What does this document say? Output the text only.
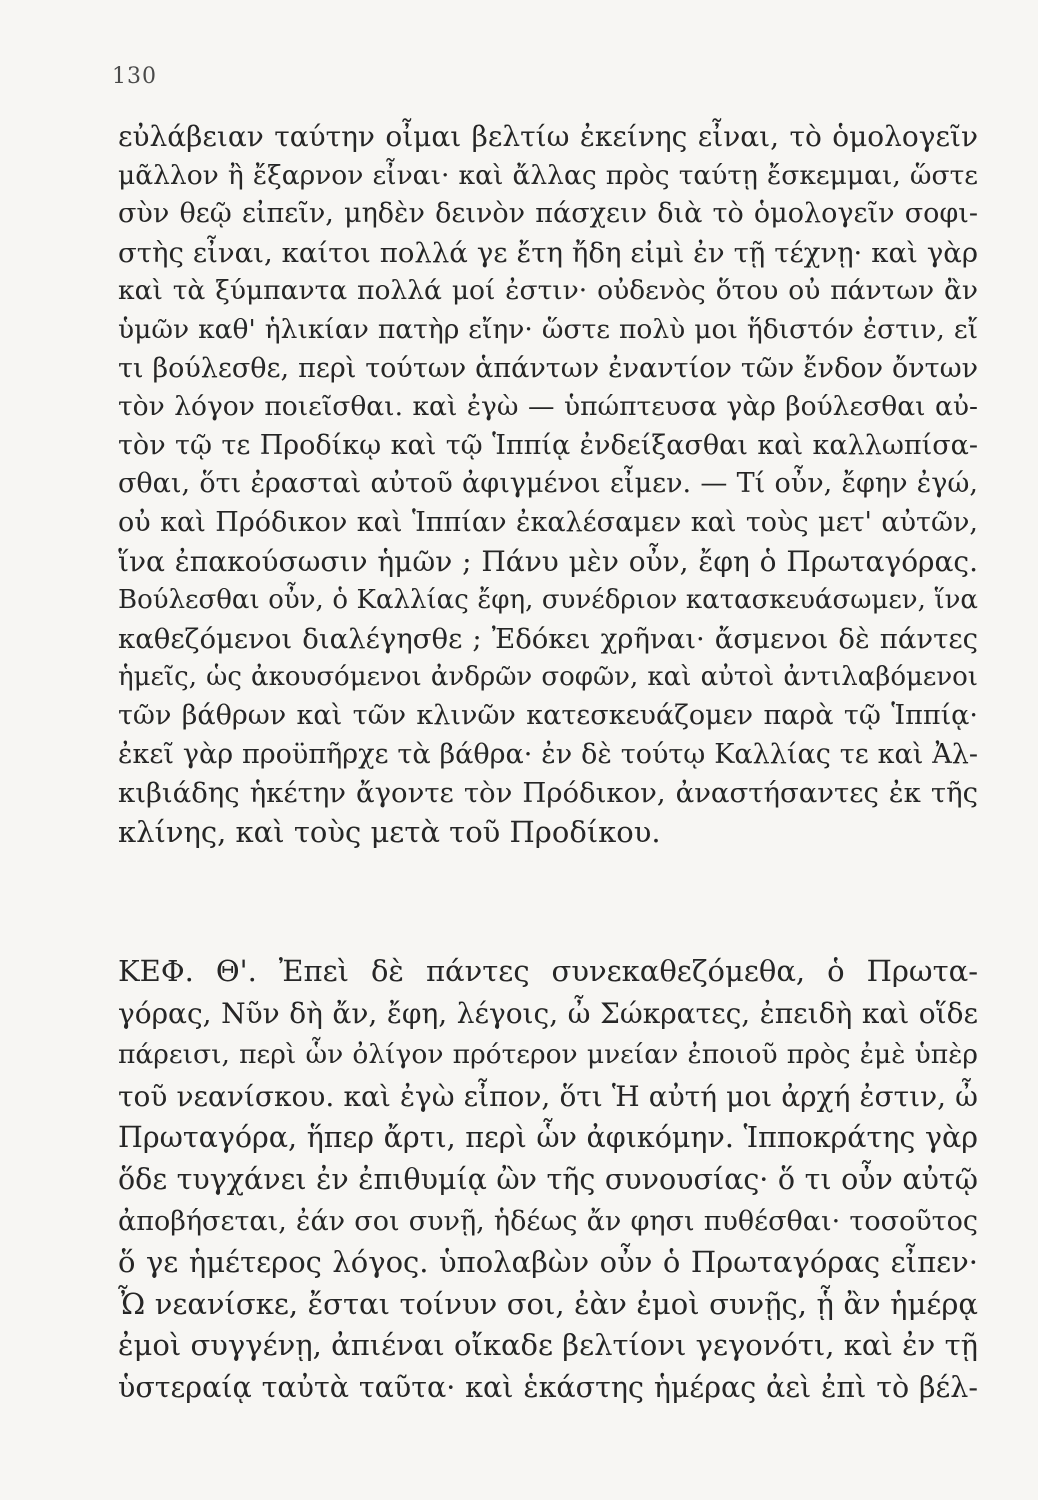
130
εὐλάβειαν ταύτην οἶμαι βελτίω ἐκείνης εἶναι, τὸ ὁμολογεῖν
μᾶλλον ἢ ἔξαρνον εἶναι· καὶ ἄλλας πρὸς ταύτῃ ἔσκεμμαι, ὥστε
σὺν θεῷ εἰπεῖν, μηδὲν δεινὸν πάσχειν διὰ τὸ ὁμολογεῖν σοφι-
στὴς εἶναι, καίτοι πολλά γε ἔτη ἤδη εἰμὶ ἐν τῇ τέχνῃ· καὶ γὰρ
καὶ τὰ ξύμπαντα πολλά μοί ἐστιν· οὐδενὸς ὅτου οὐ πάντων ἂν
ὑμῶν καθ' ἡλικίαν πατὴρ εἴην· ὥστε πολὺ μοι ἥδιστόν ἐστιν, εἴ
τι βούλεσθε, περὶ τούτων ἁπάντων ἐναντίον τῶν ἔνδον ὄντων
τὸν λόγον ποιεῖσθαι. καὶ ἐγὼ — ὑπώπτευσα γὰρ βούλεσθαι αὐ-
τὸν τῷ τε Προδίκῳ καὶ τῷ Ἱππίᾳ ἐνδείξασθαι καὶ καλλωπίσα-
σθαι, ὅτι ἐρασταὶ αὐτοῦ ἀφιγμένοι εἶμεν. — Τί οὖν, ἔφην ἐγώ,
οὐ καὶ Πρόδικον καὶ Ἱππίαν ἐκαλέσαμεν καὶ τοὺς μετ' αὐτῶν,
ἵνα ἐπακούσωσιν ἡμῶν ; Πάνυ μὲν οὖν, ἔφη ὁ Πρωταγόρας.
Βούλεσθαι οὖν, ὁ Καλλίας ἔφη, συνέδριον κατασκευάσωμεν, ἵνα
καθεζόμενοι διαλέγησθε ; Ἐδόκει χρῆναι· ἄσμενοι δὲ πάντες
ἡμεῖς, ὡς ἀκουσόμενοι ἀνδρῶν σοφῶν, καὶ αὐτοὶ ἀντιλαβόμενοι
τῶν βάθρων καὶ τῶν κλινῶν κατεσκευάζομεν παρὰ τῷ Ἱππίᾳ·
ἐκεῖ γὰρ προϋπῆρχε τὰ βάθρα· ἐν δὲ τούτῳ Καλλίας τε καὶ Ἀλ-
κιβιάδης ἡκέτην ἄγοντε τὸν Πρόδικον, ἀναστήσαντες ἐκ τῆς
κλίνης, καὶ τοὺς μετὰ τοῦ Προδίκου.
ΚΕΦ. Θ'. Ἐπεὶ δὲ πάντες συνεκαθεζόμεθα, ὁ Πρωτα-
γόρας, Νῦν δὴ ἄν, ἔφη, λέγοις, ὦ Σώκρατες, ἐπειδὴ καὶ οἵδε
πάρεισι, περὶ ὧν ὀλίγον πρότερον μνείαν ἐποιοῦ πρὸς ἐμὲ ὑπὲρ
τοῦ νεανίσκου. καὶ ἐγὼ εἶπον, ὅτι Ἡ αὐτή μοι ἀρχή ἐστιν, ὦ
Πρωταγόρα, ἥπερ ἄρτι, περὶ ὧν ἀφικόμην. Ἱπποκράτης γὰρ
ὅδε τυγχάνει ἐν ἐπιθυμίᾳ ὢν τῆς συνουσίας· ὅ τι οὖν αὐτῷ
ἀποβήσεται, ἐάν σοι συνῇ, ἡδέως ἄν φησι πυθέσθαι· τοσοῦτος
ὅ γε ἡμέτερος λόγος. ὑπολαβὼν οὖν ὁ Πρωταγόρας εἶπεν·
Ὦ νεανίσκε, ἔσται τοίνυν σοι, ἐὰν ἐμοὶ συνῇς, ᾗ ἂν ἡμέρᾳ
ἐμοὶ συγγένῃ, ἀπιέναι οἴκαδε βελτίονι γεγονότι, καὶ ἐν τῇ
ὑστεραίᾳ ταὐτὰ ταῦτα· καὶ ἑκάστης ἡμέρας ἀεὶ ἐπὶ τὸ βέλ-
